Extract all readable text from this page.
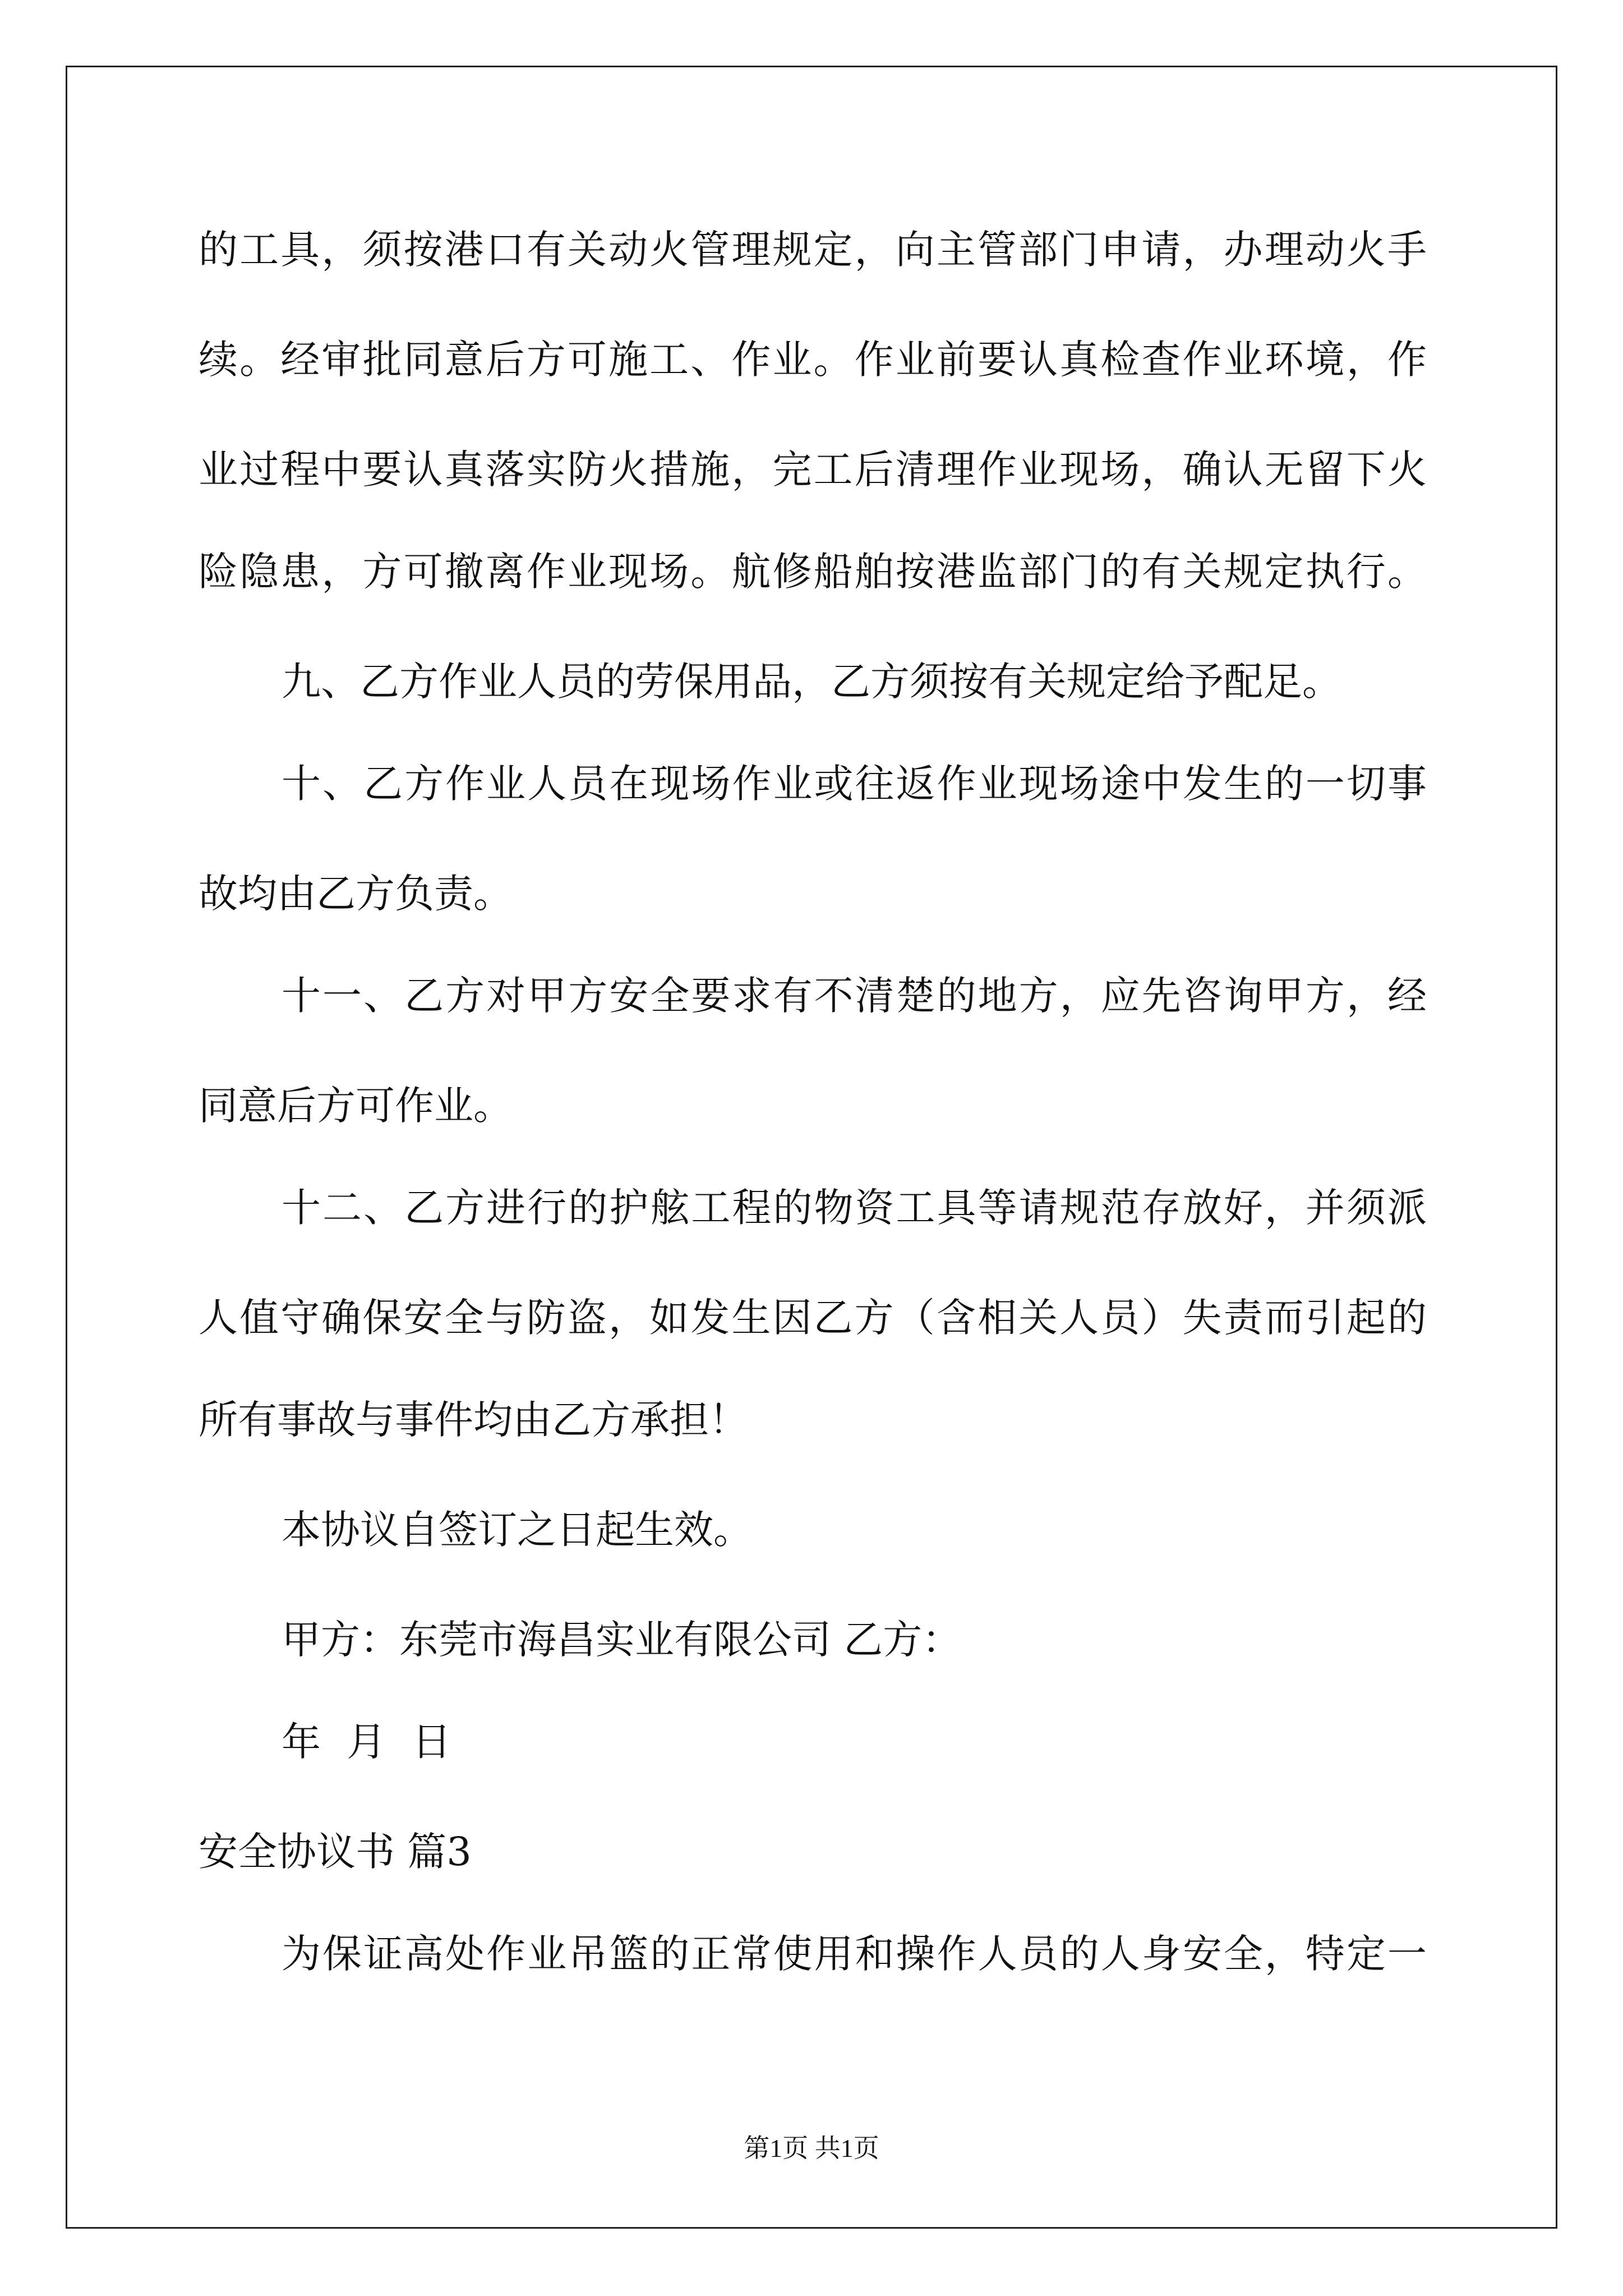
的工具，须按港口有关动火管理规定，向主管部门申请，办理动火手
续。经审批同意后方可施工、作业。作业前要认真检查作业环境，作
业过程中要认真落实防火措施，完工后清理作业现场，确认无留下火
险隐患，方可撤离作业现场。航修船舶按港监部门的有关规定执行。
九、乙方作业人员的劳保用品，乙方须按有关规定给予配足。
十、乙方作业人员在现场作业或往返作业现场途中发生的一切事
故均由乙方负责。
十一、乙方对甲方安全要求有不清楚的地方，应先咨询甲方，经
同意后方可作业。
十二、乙方进行的护舷工程的物资工具等请规范存放好，并须派
人值守确保安全与防盗，如发生因乙方（含相关人员）失责而引起的
所有事故与事件均由乙方承担！
本协议自签订之日起生效。
甲方：东莞市海昌实业有限公司 乙方：
年 月 日
安全协议书 篇3
为保证高处作业吊篮的正常使用和操作人员的人身安全，特定一
第1页 共1页
